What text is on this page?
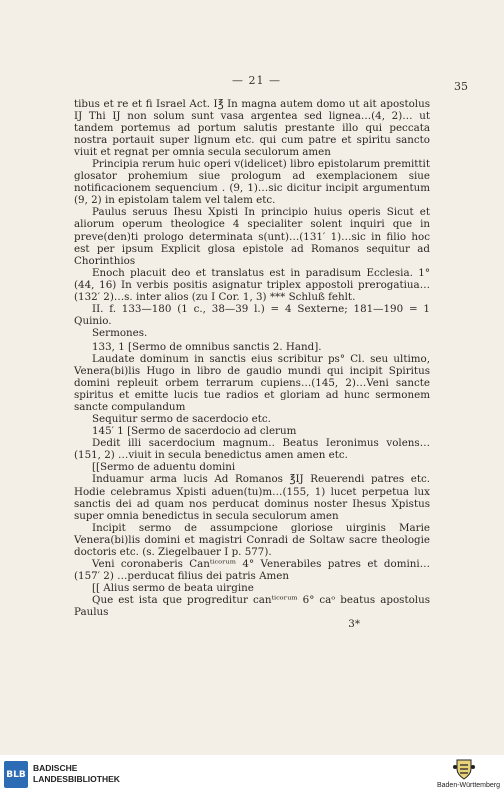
— 21 —	35

tibus et re et fi Israel Act. I℥ In magna autem domo ut ait apostolus IJ Thi IJ non solum sunt vasa argentea sed lignea…(4, 2)… ut tandem portemus ad portum salutis prestante illo qui peccata nostra portauit super lignum etc. qui cum patre et spiritu sancto viuit et regnat per omnia secula seculorum amen

Principia rerum huic operi v(idelicet) libro epistolarum premittit glosator prohemium siue prologum ad exemplacionem siue notificacionem sequencium . (9, 1)…sic dicitur incipit argumentum (9, 2) in epistolam talem vel talem etc.

Paulus seruus Ihesu Xpisti In principio huius operis Sicut et aliorum operum theologice 4 specialiter solent inquiri que in preve(den)ti prologo determinata s(unt)…(131′ 1)…sic in filio hoc est per ipsum Explicit glosa epistole ad Romanos sequitur ad Chorinthios

Enoch placuit deo et translatus est in paradisum Ecclesia. 1° (44, 16) In verbis positis asignatur triplex appostoli prerogatiua…(132′ 2)…s. inter alios (zu I Cor. 1, 3) *** Schluß fehlt.

II. f. 133—180 (1 c., 38—39 l.) = 4 Sexterne; 181—190 = 1 Quinio.

Sermones.

133, 1 [Sermo de omnibus sanctis 2. Hand].

Laudate dominum in sanctis eius scribitur ps° Cl. seu ultimo, Venera(bi)lis Hugo in libro de gaudio mundi qui incipit Spiritus domini repleuit orbem terrarum cupiens…(145, 2)…Veni sancte spiritus et emitte lucis tue radios et gloriam ad hunc sermonem sancte compulandum

Sequitur sermo de sacerdocio etc.

145′ 1 [Sermo de sacerdocio ad clerum

Dedit illi sacerdocium magnum.. Beatus Ieronimus volens…(151, 2) …viuit in secula benedictus amen amen etc.

[[Sermo de aduentu domini

Induamur arma lucis Ad Romanos ℥IJ Reuerendi patres etc. Hodie celebramus Xpisti aduen(tu)m…(155, 1) lucet perpetua lux sanctis dei ad quam nos perducat dominus noster Ihesus Xpistus super omnia benedictus in secula seculorum amen

Incipit sermo de assumpcione gloriose uirginis Marie Venera(bi)lis domini et magistri Conradi de Soltaw sacre theologie doctoris etc. (s. Ziegelbauer I p. 577).

Veni coronaberis Canᵗⁱᶜᵒʳᵘᵐ 4° Venerabiles patres et domini…(157′ 2) …perducat filius dei patris Amen

[[ Alius sermo de beata uirgine

Que est ista que progreditur canᵗⁱᶜᵒʳᵘᵐ 6° caᵒ beatus apostolus Paulus

3*

BLB
BADISCHE
LANDESBIBLIOTHEK
Baden-Württemberg
